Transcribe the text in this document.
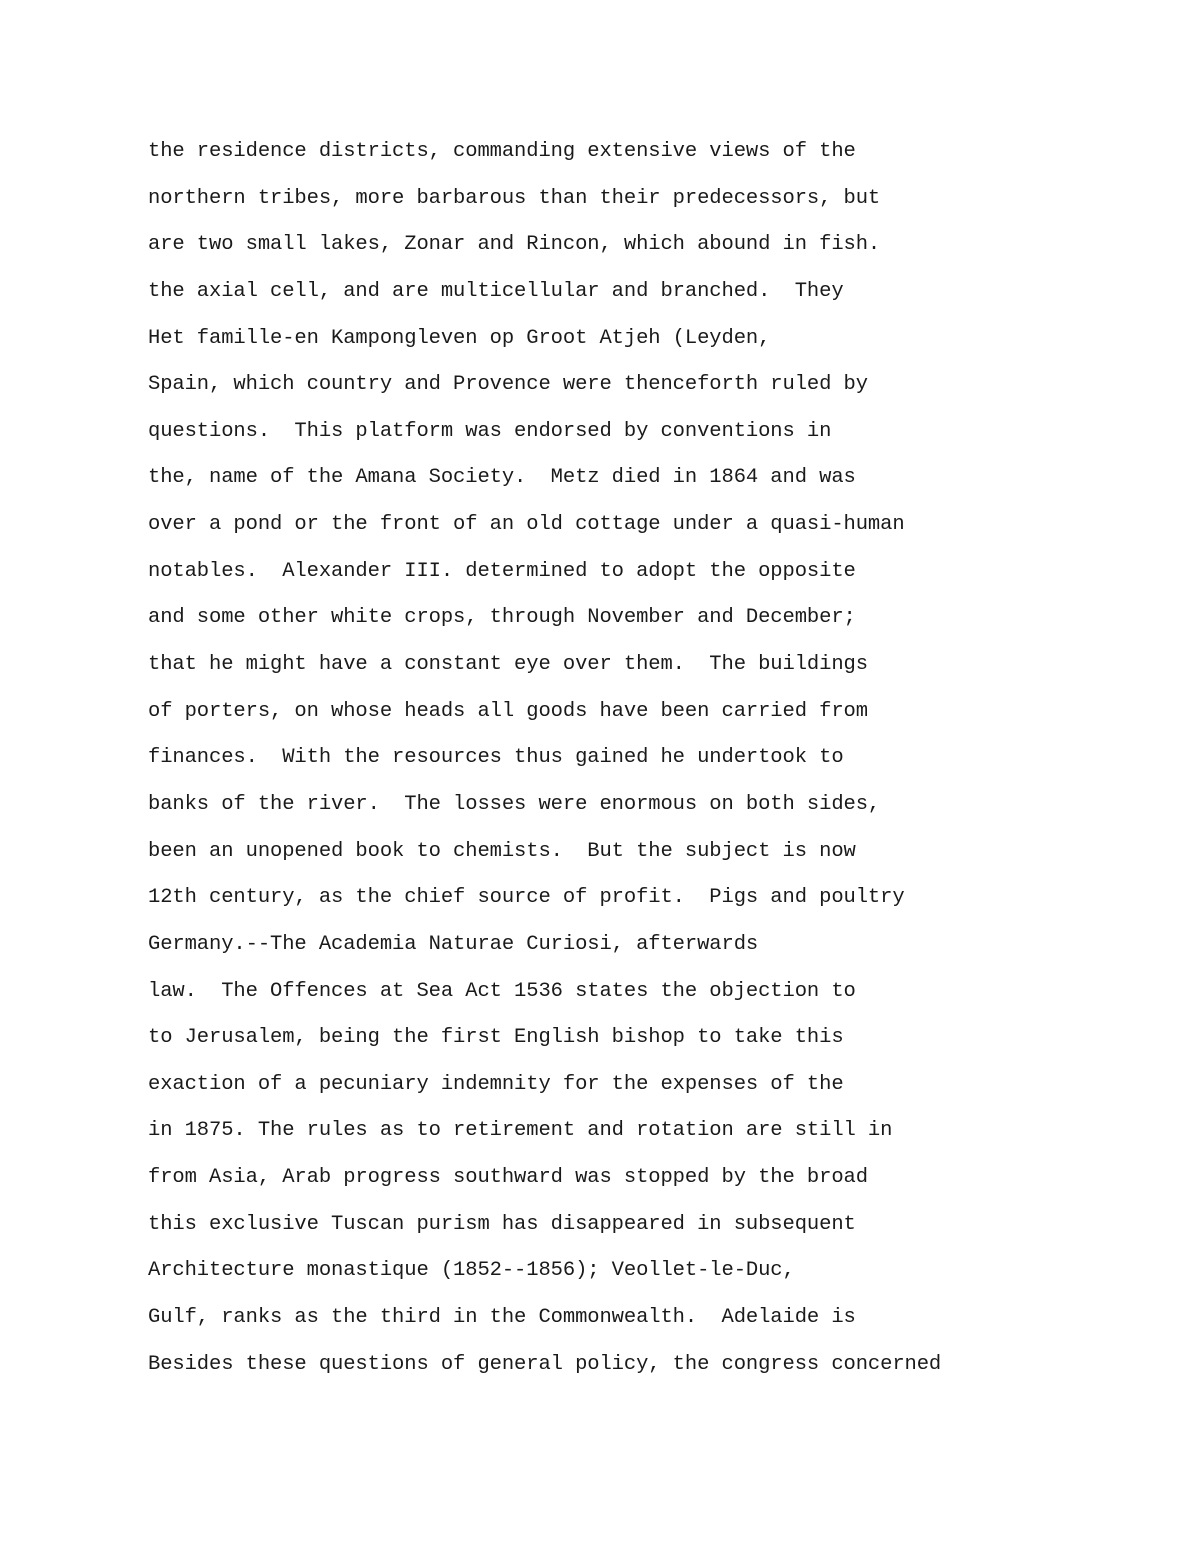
the residence districts, commanding extensive views of the
northern tribes, more barbarous than their predecessors, but
are two small lakes, Zonar and Rincon, which abound in fish.
the axial cell, and are multicellular and branched.  They
Het famille-en Kampongleven op Groot Atjeh (Leyden,
Spain, which country and Provence were thenceforth ruled by
questions.  This platform was endorsed by conventions in
the, name of the Amana Society.  Metz died in 1864 and was
over a pond or the front of an old cottage under a quasi-human
notables.  Alexander III. determined to adopt the opposite
and some other white crops, through November and December;
that he might have a constant eye over them.  The buildings
of porters, on whose heads all goods have been carried from
finances.  With the resources thus gained he undertook to
banks of the river.  The losses were enormous on both sides,
been an unopened book to chemists.  But the subject is now
12th century, as the chief source of profit.  Pigs and poultry
Germany.--The Academia Naturae Curiosi, afterwards
law.  The Offences at Sea Act 1536 states the objection to
to Jerusalem, being the first English bishop to take this
exaction of a pecuniary indemnity for the expenses of the
in 1875. The rules as to retirement and rotation are still in
from Asia, Arab progress southward was stopped by the broad
this exclusive Tuscan purism has disappeared in subsequent
Architecture monastique (1852--1856); Veollet-le-Duc,
Gulf, ranks as the third in the Commonwealth.  Adelaide is
Besides these questions of general policy, the congress concerned
